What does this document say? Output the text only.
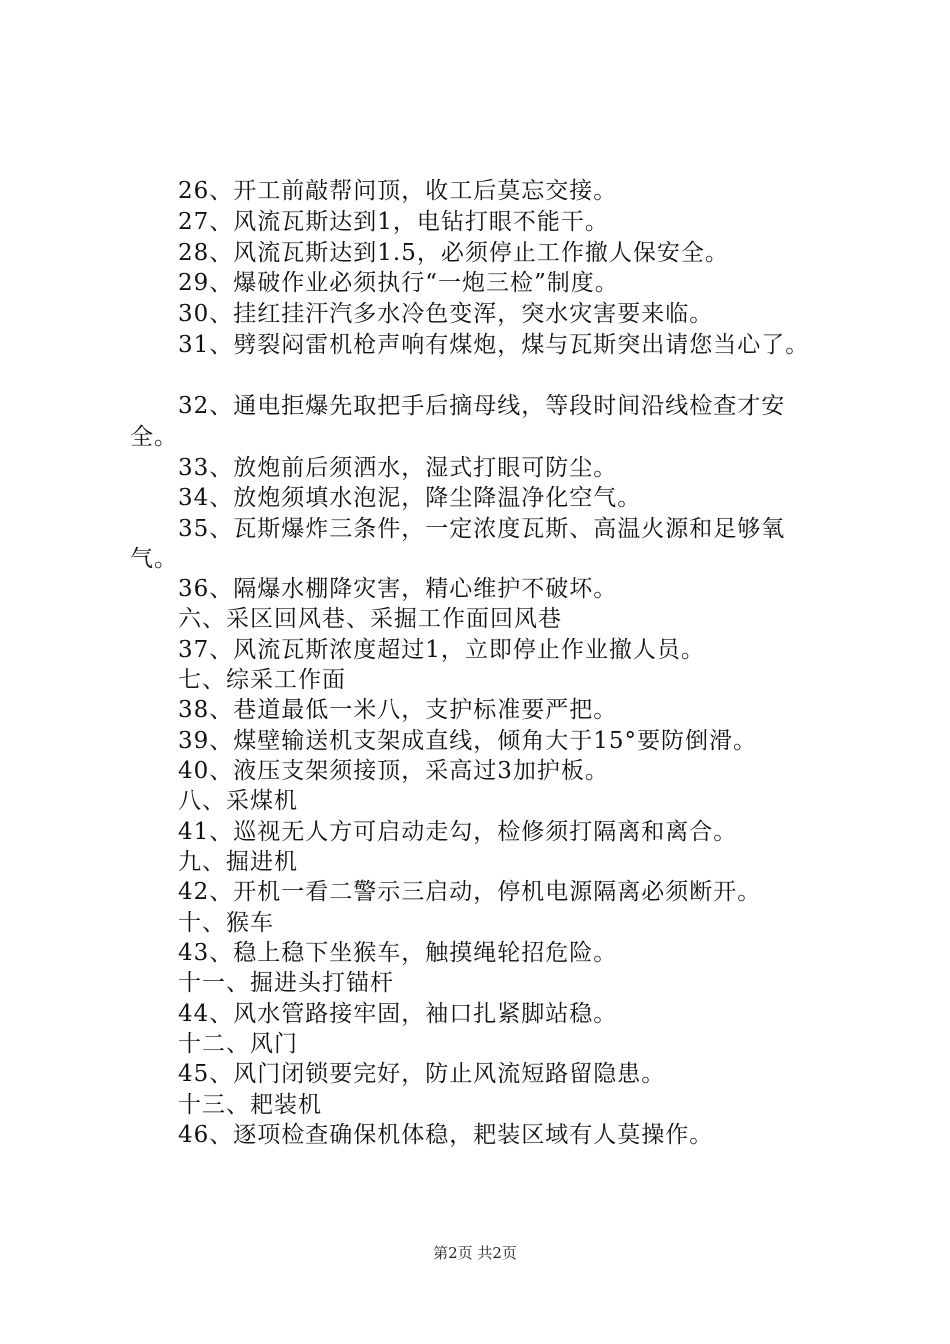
26、开工前敲帮问顶，收工后莫忘交接。
27、风流瓦斯达到1，电钻打眼不能干。
28、风流瓦斯达到1.5，必须停止工作撤人保安全。
29、爆破作业必须执行“一炮三检”制度。
30、挂红挂汗汽多水冷色变浑，突水灾害要来临。
31、劈裂闷雷机枪声响有煤炮，煤与瓦斯突出请您当心了。
32、通电拒爆先取把手后摘母线，等段时间沿线检查才安
全。
33、放炮前后须洒水，湿式打眼可防尘。
34、放炮须填水泡泥，降尘降温净化空气。
35、瓦斯爆炸三条件，一定浓度瓦斯、高温火源和足够氧
气。
36、隔爆水棚降灾害，精心维护不破坏。
六、采区回风巷、采掘工作面回风巷
37、风流瓦斯浓度超过1，立即停止作业撤人员。
七、综采工作面
38、巷道最低一米八，支护标准要严把。
39、煤壁输送机支架成直线，倾角大于15°要防倒滑。
40、液压支架须接顶，采高过3加护板。
八、采煤机
41、巡视无人方可启动走勾，检修须打隔离和离合。
九、掘进机
42、开机一看二警示三启动，停机电源隔离必须断开。
十、猴车
43、稳上稳下坐猴车，触摸绳轮招危险。
十一、掘进头打锚杆
44、风水管路接牢固，袖口扎紧脚站稳。
十二、风门
45、风门闭锁要完好，防止风流短路留隐患。
十三、耙装机
46、逐项检查确保机体稳，耙装区域有人莫操作。
第2页 共2页
